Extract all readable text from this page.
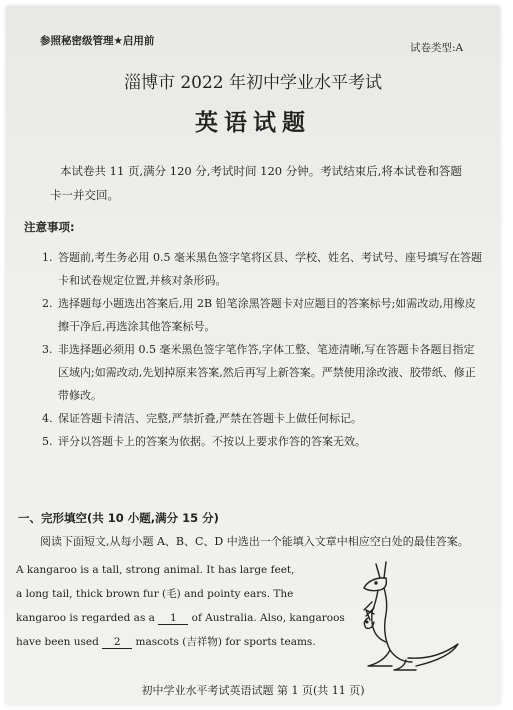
参照秘密级管理★启用前
试卷类型:A
淄博市 2022 年初中学业水平考试
英语试题
本试卷共 11 页,满分 120 分,考试时间 120 分钟。考试结束后,将本试卷和答题卡一并交回。
注意事项:

1. 答题前,考生务必用 0.5 毫米黑色签字笔将区县、学校、姓名、考试号、座号填写在答题卡和试卷规定位置,并核对条形码。

2. 选择题每小题选出答案后,用 2B 铅笔涂黑答题卡对应题目的答案标号;如需改动,用橡皮擦干净后,再选涂其他答案标号。

3. 非选择题必须用 0.5 毫米黑色签字笔作答,字体工整、笔迹清晰,写在答题卡各题目指定区域内;如需改动,先划掉原来答案,然后再写上新答案。严禁使用涂改液、胶带纸、修正带修改。

4. 保证答题卡清洁、完整,严禁折叠,严禁在答题卡上做任何标记。

5. 评分以答题卡上的答案为依据。不按以上要求作答的答案无效。

一、完形填空(共 10 小题,满分 15 分)
阅读下面短文,从每小题 A、B、C、D 中选出一个能填入文章中相应空白处的最佳答案。
A kangaroo is a tall, strong animal. It has large feet,
a long tail, thick brown fur (毛) and pointy ears. The
kangaroo is regarded as a 1 of Australia. Also, kangaroos
have been used 2 mascots (吉祥物) for sports teams.
初中学业水平考试英语试题 第 1 页(共 11 页)
